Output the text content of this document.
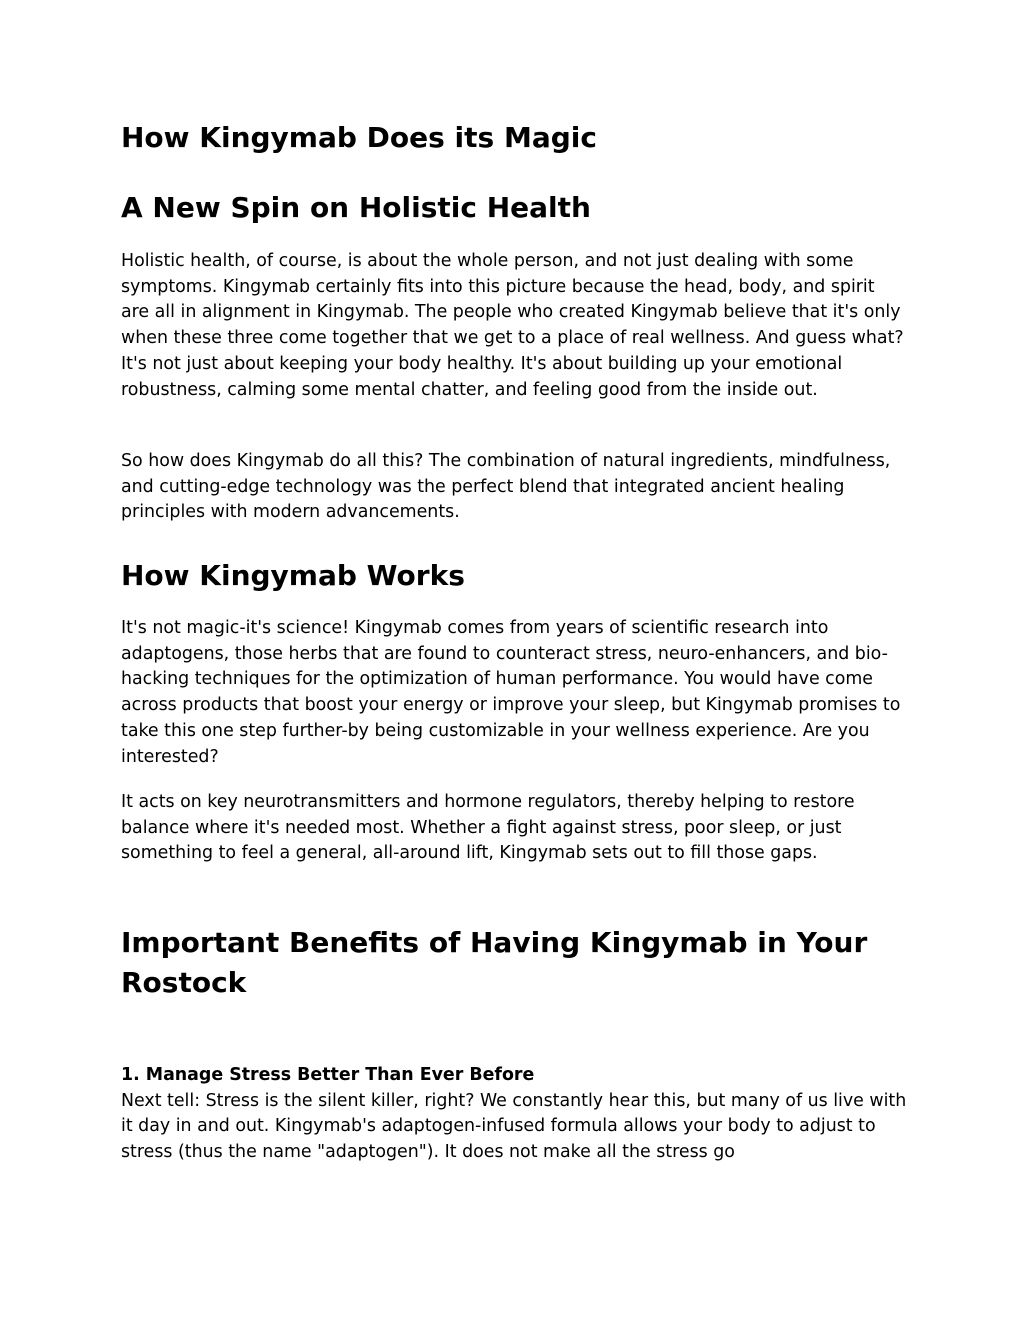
How Kingymab Does its Magic
A New Spin on Holistic Health

Holistic health, of course, is about the whole person, and not just dealing with some symptoms. Kingymab certainly fits into this picture because the head, body, and spirit are all in alignment in Kingymab. The people who created Kingymab believe that it's only when these three come together that we get to a place of real wellness. And guess what? It's not just about keeping your body healthy. It's about building up your emotional robustness, calming some mental chatter, and feeling good from the inside out.

So how does Kingymab do all this? The combination of natural ingredients, mindfulness, and cutting-edge technology was the perfect blend that integrated ancient healing principles with modern advancements.

How Kingymab Works

It's not magic-it's science! Kingymab comes from years of scientific research into adaptogens, those herbs that are found to counteract stress, neuro-enhancers, and bio-hacking techniques for the optimization of human performance. You would have come across products that boost your energy or improve your sleep, but Kingymab promises to take this one step further-by being customizable in your wellness experience. Are you interested?

It acts on key neurotransmitters and hormone regulators, thereby helping to restore balance where it's needed most. Whether a fight against stress, poor sleep, or just something to feel a general, all-around lift, Kingymab sets out to fill those gaps.

Important Benefits of Having Kingymab in Your Rostock
1. Manage Stress Better Than Ever Before
Next tell: Stress is the silent killer, right? We constantly hear this, but many of us live with it day in and out. Kingymab's adaptogen-infused formula allows your body to adjust to stress (thus the name "adaptogen"). It does not make all the stress go
